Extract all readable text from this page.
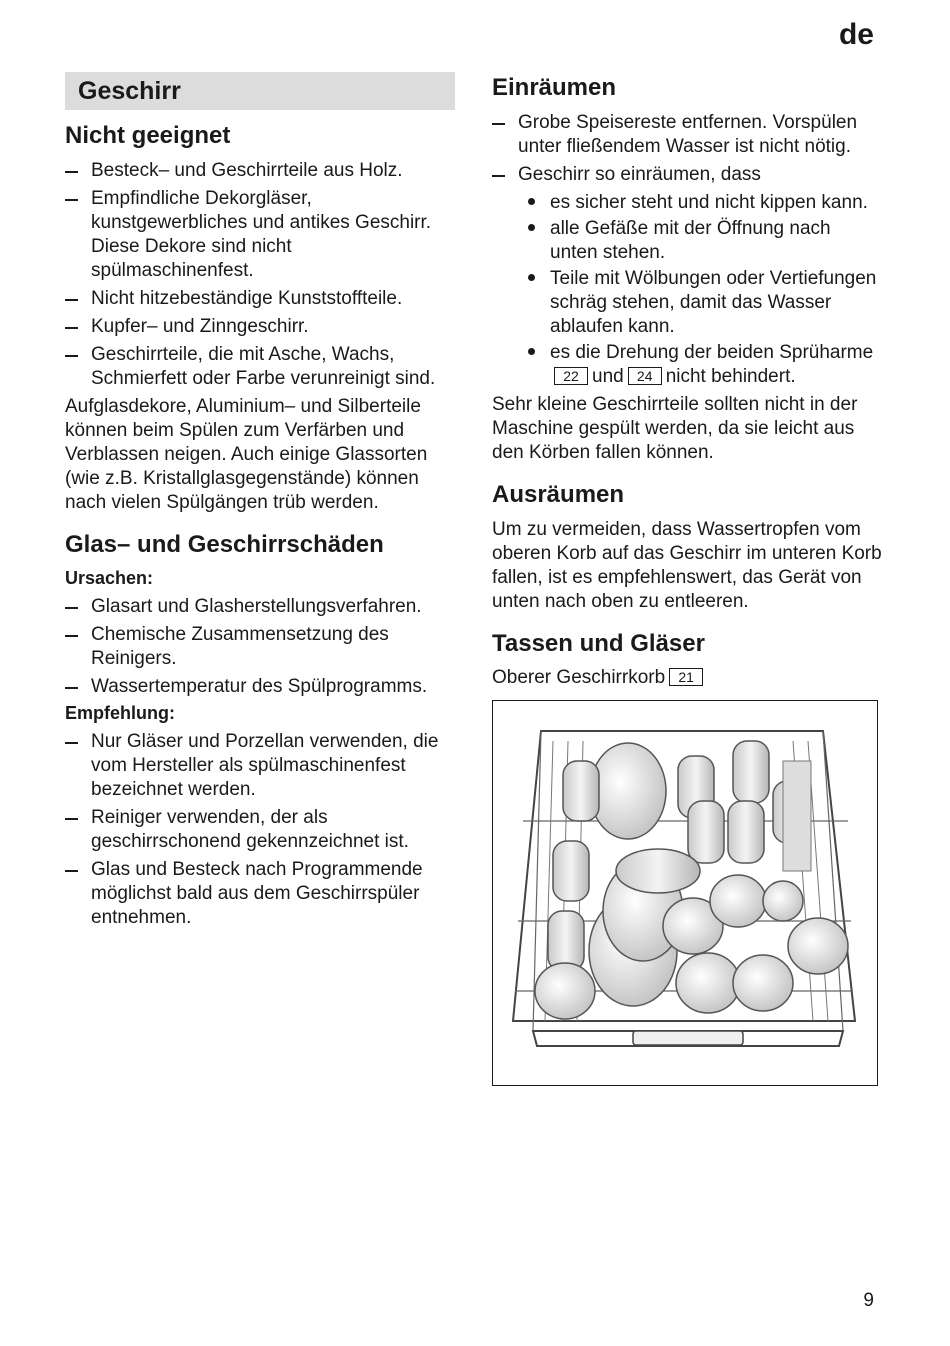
de
Geschirr
Nicht geeignet
Besteck– und Geschirrteile aus Holz.
Empfindliche Dekorgläser, kunstgewerbliches und antikes Geschirr. Diese Dekore sind nicht spülmaschinenfest.
Nicht hitzebeständige Kunststoffteile.
Kupfer– und Zinngeschirr.
Geschirrteile, die mit Asche, Wachs, Schmierfett oder Farbe verunreinigt sind.

Aufglasdekore, Aluminium– und Silberteile können beim Spülen zum Verfärben und Verblassen neigen. Auch einige Glassorten (wie z.B. Kristallglasgegenstände) können nach vielen Spülgängen trüb werden.

Glas– und Geschirrschäden
Ursachen:
Glasart und Glasherstellungsverfahren.
Chemische Zusammensetzung des Reinigers.
Wassertemperatur des Spülprogramms.
Empfehlung:
Nur Gläser und Porzellan verwenden, die vom Hersteller als spülmaschinenfest bezeichnet werden.
Reiniger verwenden, der als geschirrschonend gekennzeichnet ist.
Glas und Besteck nach Programmende möglichst bald aus dem Geschirrspüler entnehmen.
Einräumen
Grobe Speisereste entfernen. Vorspülen unter fließendem Wasser ist nicht nötig.
Geschirr so einräumen, dass
es sicher steht und nicht kippen kann.
alle Gefäße mit der Öffnung nach unten stehen.
Teile mit Wölbungen oder Vertiefungen schräg stehen, damit das Wasser ablaufen kann.
es die Drehung der beiden Sprüharme22 und 24 nicht behindert.

Sehr kleine Geschirrteile sollten nicht in der Maschine gespült werden, da sie leicht aus den Körben fallen können.

Ausräumen

Um zu vermeiden, dass Wassertropfen vom oberen Korb auf das Geschirr im unteren Korb fallen, ist es empfehlenswert, das Gerät von unten nach oben zu entleeren.

Tassen und Gläser

Oberer Geschirrkorb 21

9
